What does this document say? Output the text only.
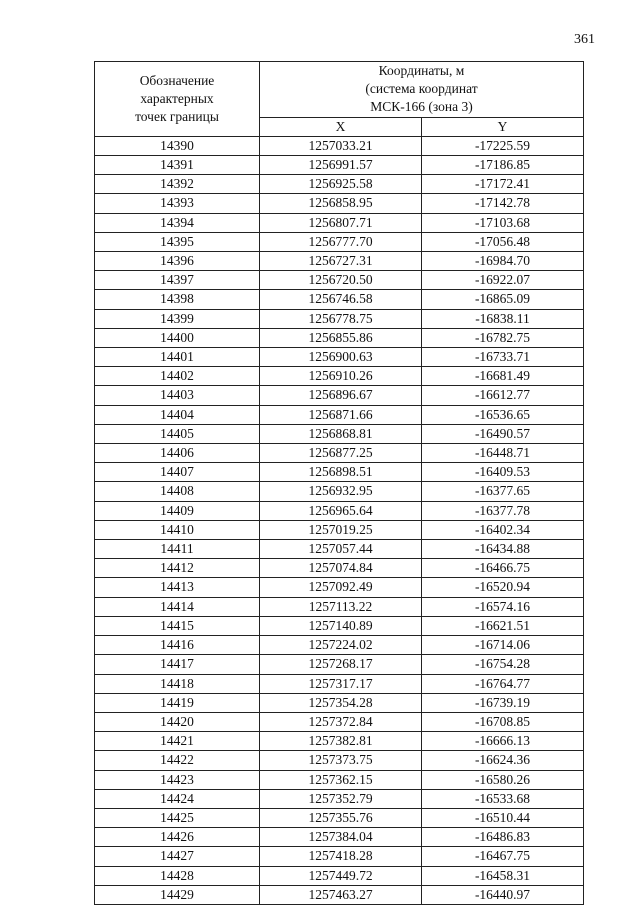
361
Обозначение
характерных
точек границы	Координаты, м
(система координат
МСК-166 (зона 3)	

	X	Y
14390	1257033.21	-17225.59
14391	1256991.57	-17186.85
14392	1256925.58	-17172.41
14393	1256858.95	-17142.78
14394	1256807.71	-17103.68
14395	1256777.70	-17056.48
14396	1256727.31	-16984.70
14397	1256720.50	-16922.07
14398	1256746.58	-16865.09
14399	1256778.75	-16838.11
14400	1256855.86	-16782.75
14401	1256900.63	-16733.71
14402	1256910.26	-16681.49
14403	1256896.67	-16612.77
14404	1256871.66	-16536.65
14405	1256868.81	-16490.57
14406	1256877.25	-16448.71
14407	1256898.51	-16409.53
14408	1256932.95	-16377.65
14409	1256965.64	-16377.78
14410	1257019.25	-16402.34
14411	1257057.44	-16434.88
14412	1257074.84	-16466.75
14413	1257092.49	-16520.94
14414	1257113.22	-16574.16
14415	1257140.89	-16621.51
14416	1257224.02	-16714.06
14417	1257268.17	-16754.28
14418	1257317.17	-16764.77
14419	1257354.28	-16739.19
14420	1257372.84	-16708.85
14421	1257382.81	-16666.13
14422	1257373.75	-16624.36
14423	1257362.15	-16580.26
14424	1257352.79	-16533.68
14425	1257355.76	-16510.44
14426	1257384.04	-16486.83
14427	1257418.28	-16467.75
14428	1257449.72	-16458.31
14429	1257463.27	-16440.97
